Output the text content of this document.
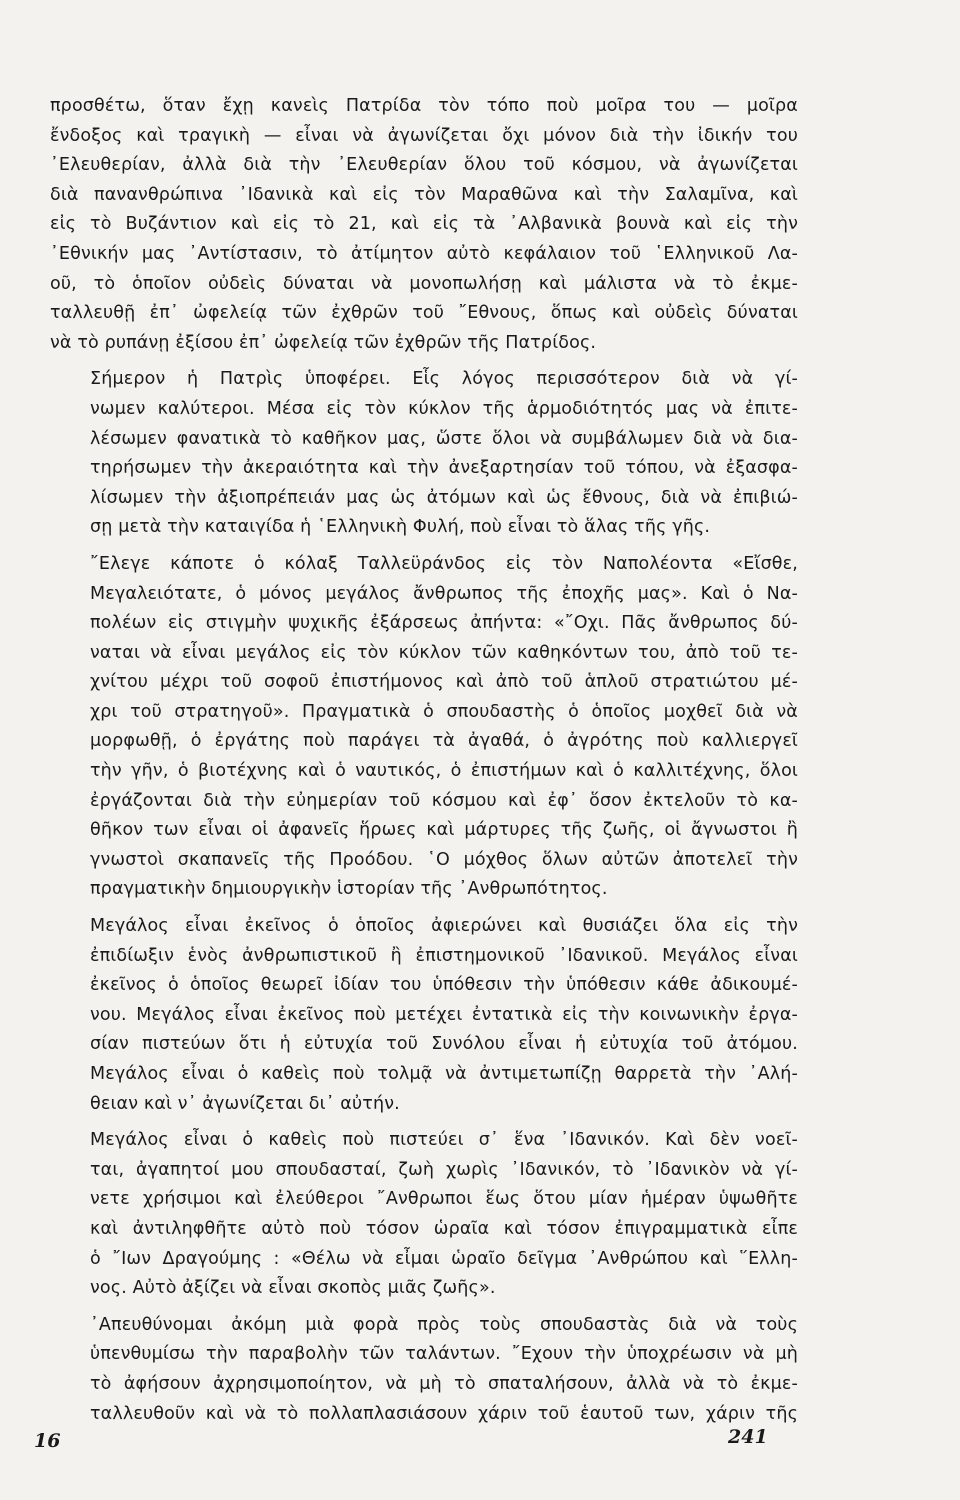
προσθέτω, ὅταν ἔχῃ κανεὶς Πατρίδα τὸν τόπο ποὺ μοῖρα του — μοῖρα
ἔνδοξος καὶ τραγικὴ — εἶναι νὰ ἀγωνίζεται ὄχι μόνον διὰ τὴν ἰδικήν του
᾿Ελευθερίαν, ἀλλὰ διὰ τὴν ᾿Ελευθερίαν ὅλου τοῦ κόσμου, νὰ ἀγωνίζεται
διὰ πανανθρώπινα ᾿Ιδανικὰ καὶ εἰς τὸν Μαραθῶνα καὶ τὴν Σαλαμῖνα, καὶ
εἰς τὸ Βυζάντιον καὶ εἰς τὸ 21, καὶ εἰς τὰ ᾿Αλβανικὰ βουνὰ καὶ εἰς τὴν
᾿Εθνικήν μας ᾿Αντίστασιν, τὸ ἀτίμητον αὐτὸ κεφάλαιον τοῦ ῾Ελληνικοῦ Λα-
οῦ, τὸ ὁποῖον οὐδεὶς δύναται νὰ μονοπωλήσῃ καὶ μάλιστα νὰ τὸ ἐκμε-
ταλλευθῇ ἐπ᾿ ὠφελείᾳ τῶν ἐχθρῶν τοῦ ῎Εθνους, ὅπως καὶ οὐδεὶς δύναται
νὰ τὸ ρυπάνῃ ἐξίσου ἐπ᾿ ὠφελείᾳ τῶν ἐχθρῶν τῆς Πατρίδος.

Σήμερον ἡ Πατρὶς ὑποφέρει. Εἷς λόγος περισσότερον διὰ νὰ γί-
νωμεν καλύτεροι. Μέσα εἰς τὸν κύκλον τῆς ἁρμοδιότητός μας νὰ ἐπιτε-
λέσωμεν φανατικὰ τὸ καθῆκον μας, ὥστε ὅλοι νὰ συμβάλωμεν διὰ νὰ δια-
τηρήσωμεν τὴν ἀκεραιότητα καὶ τὴν ἀνεξαρτησίαν τοῦ τόπου, νὰ ἐξασφα-
λίσωμεν τὴν ἀξιοπρέπειάν μας ὡς ἀτόμων καὶ ὡς ἔθνους, διὰ νὰ ἐπιβιώ-
σῃ μετὰ τὴν καταιγίδα ἡ ῾Ελληνικὴ Φυλή, ποὺ εἶναι τὸ ἅλας τῆς γῆς.

῎Ελεγε κάποτε ὁ κόλαξ Ταλλεϋράνδος εἰς τὸν Ναπολέοντα «Εἴσθε,
Μεγαλειότατε, ὁ μόνος μεγάλος ἄνθρωπος τῆς ἐποχῆς μας». Καὶ ὁ Να-
πολέων εἰς στιγμὴν ψυχικῆς ἐξάρσεως ἀπήντα: «῎Οχι. Πᾶς ἄνθρωπος δύ-
ναται νὰ εἶναι μεγάλος εἰς τὸν κύκλον τῶν καθηκόντων του, ἀπὸ τοῦ τε-
χνίτου μέχρι τοῦ σοφοῦ ἐπιστήμονος καὶ ἀπὸ τοῦ ἁπλοῦ στρατιώτου μέ-
χρι τοῦ στρατηγοῦ». Πραγματικὰ ὁ σπουδαστὴς ὁ ὁποῖος μοχθεῖ διὰ νὰ
μορφωθῇ, ὁ ἐργάτης ποὺ παράγει τὰ ἀγαθά, ὁ ἀγρότης ποὺ καλλιεργεῖ
τὴν γῆν, ὁ βιοτέχνης καὶ ὁ ναυτικός, ὁ ἐπιστήμων καὶ ὁ καλλιτέχνης, ὅλοι
ἐργάζονται διὰ τὴν εὐημερίαν τοῦ κόσμου καὶ ἐφ᾿ ὅσον ἐκτελοῦν τὸ κα-
θῆκον των εἶναι οἱ ἀφανεῖς ἥρωες καὶ μάρτυρες τῆς ζωῆς, οἱ ἄγνωστοι ἢ
γνωστοὶ σκαπανεῖς τῆς Προόδου. ῾Ο μόχθος ὅλων αὐτῶν ἀποτελεῖ τὴν
πραγματικὴν δημιουργικὴν ἱστορίαν τῆς ᾿Ανθρωπότητος.

Μεγάλος εἶναι ἐκεῖνος ὁ ὁποῖος ἀφιερώνει καὶ θυσιάζει ὅλα εἰς τὴν
ἐπιδίωξιν ἑνὸς ἀνθρωπιστικοῦ ἢ ἐπιστημονικοῦ ᾿Ιδανικοῦ. Μεγάλος εἶναι
ἐκεῖνος ὁ ὁποῖος θεωρεῖ ἰδίαν του ὑπόθεσιν τὴν ὑπόθεσιν κάθε ἀδικουμέ-
νου. Μεγάλος εἶναι ἐκεῖνος ποὺ μετέχει ἐντατικὰ εἰς τὴν κοινωνικὴν ἐργα-
σίαν πιστεύων ὅτι ἡ εὐτυχία τοῦ Συνόλου εἶναι ἡ εὐτυχία τοῦ ἀτόμου.
Μεγάλος εἶναι ὁ καθεὶς ποὺ τολμᾷ νὰ ἀντιμετωπίζῃ θαρρετὰ τὴν ᾿Αλή-
θειαν καὶ ν᾿ ἀγωνίζεται δι᾿ αὐτήν.

Μεγάλος εἶναι ὁ καθεὶς ποὺ πιστεύει σ᾿ ἕνα ᾿Ιδανικόν. Καὶ δὲν νοεῖ-
ται, ἀγαπητοί μου σπουδασταί, ζωὴ χωρὶς ᾿Ιδανικόν, τὸ ᾿Ιδανικὸν νὰ γί-
νετε χρήσιμοι καὶ ἐλεύθεροι ῎Ανθρωποι ἕως ὅτου μίαν ἡμέραν ὑψωθῆτε
καὶ ἀντιληφθῆτε αὐτὸ ποὺ τόσον ὡραῖα καὶ τόσον ἐπιγραμματικὰ εἶπε
ὁ ῎Ιων Δραγούμης : «Θέλω νὰ εἶμαι ὡραῖο δεῖγμα ᾿Ανθρώπου καὶ ῞Ελλη-
νος. Αὐτὸ ἀξίζει νὰ εἶναι σκοπὸς μιᾶς ζωῆς».

᾿Απευθύνομαι ἀκόμη μιὰ φορὰ πρὸς τοὺς σπουδαστὰς διὰ νὰ τοὺς
ὑπενθυμίσω τὴν παραβολὴν τῶν ταλάντων. ῎Εχουν τὴν ὑποχρέωσιν νὰ μὴ
τὸ ἀφήσουν ἀχρησιμοποίητον, νὰ μὴ τὸ σπαταλήσουν, ἀλλὰ νὰ τὸ ἐκμε-
ταλλευθοῦν καὶ νὰ τὸ πολλαπλασιάσουν χάριν τοῦ ἑαυτοῦ των, χάριν τῆς

16	241
